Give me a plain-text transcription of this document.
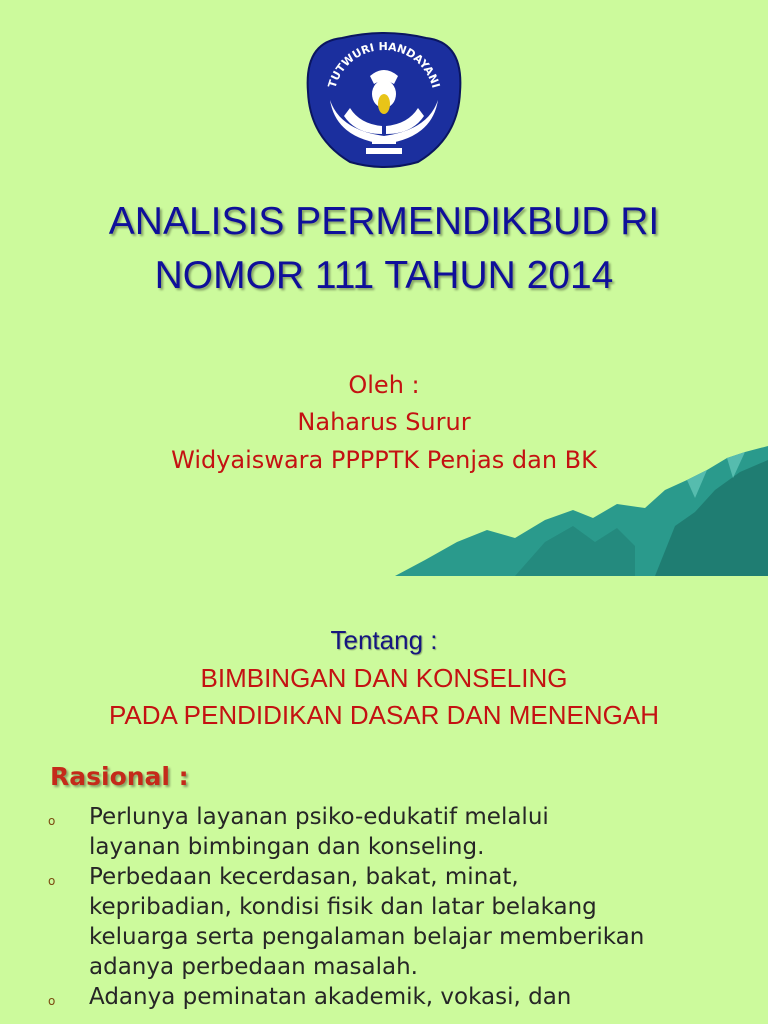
TUTWURI HANDAYANI
ANALISIS PERMENDIKBUD RI
NOMOR 111 TAHUN 2014
Oleh :
Naharus Surur
Widyaiswara PPPPTK Penjas dan BK
Tentang :
BIMBINGAN DAN KONSELING
PADA PENDIDIKAN DASAR DAN MENENGAH
Rasional :
o Perlunya layanan psiko-edukatif melalui
layanan bimbingan dan konseling.
o Perbedaan kecerdasan, bakat, minat,
kepribadian, kondisi fisik dan latar belakang
keluarga serta pengalaman belajar memberikan
adanya perbedaan masalah.
o Adanya peminatan akademik, vokasi, dan
